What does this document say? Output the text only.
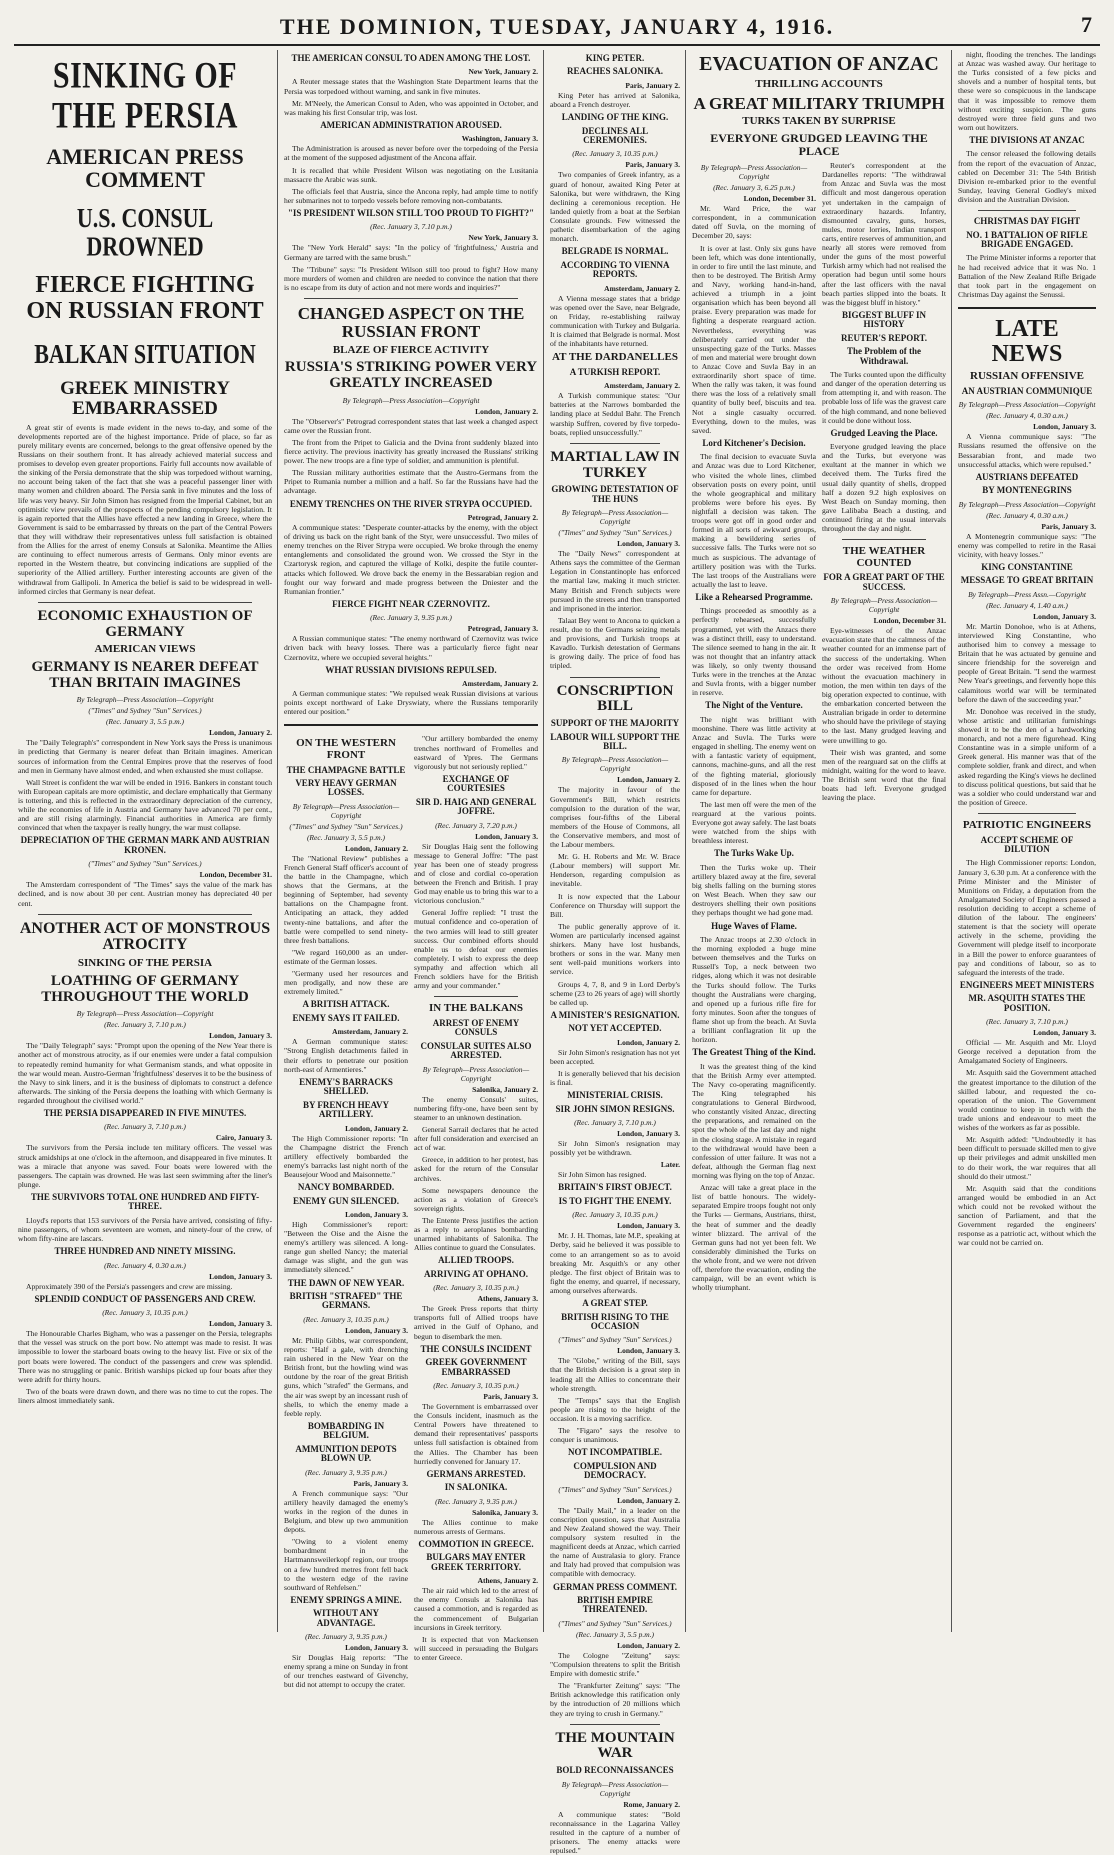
THE DOMINION, TUESDAY, JANUARY 4, 1916.	7
SINKING OF THE PERSIA
AMERICAN PRESS COMMENT
U.S. CONSUL DROWNED
FIERCE FIGHTING ON RUSSIAN FRONT
BALKAN SITUATION
GREEK MINISTRY EMBARRASSED

A great stir of events is made evident in the news to-day, and some of the developments reported are of the highest importance. Pride of place, so far as purely military events are concerned, belongs to the great offensive opened by the Russians on their southern front. It has already achieved material success and promises to develop even greater proportions. Fairly full accounts now available of the sinking of the Persia demonstrate that the ship was torpedoed without warning, no account being taken of the fact that she was a peaceful passenger liner with many women and children aboard. The Persia sank in five minutes and the loss of life was very heavy. Sir John Simon has resigned from the Imperial Cabinet, but an optimistic view prevails of the prospects of the pending compulsory legislation. It is again reported that the Allies have effected a new landing in Greece, where the Government is said to be embarrassed by threats on the part of the Central Powers that they will withdraw their representatives unless full satisfaction is obtained from the Allies for the arrest of enemy Consuls at Salonika. Meantime the Allies are continuing to effect numerous arrests of Germans. Only minor events are reported in the Western theatre, but convincing indications are supplied of the superiority of the Allied artillery. Further interesting accounts are given of the withdrawal from Gallipoli. In America the belief is said to be widespread in well-informed circles that Germany is near defeat.

ECONOMIC EXHAUSTION OF GERMANY
AMERICAN VIEWS
GERMANY IS NEARER DEFEAT THAN BRITAIN IMAGINES
By Telegraph—Press Association—Copyright
("Times" and Sydney "Sun" Services.)
(Rec. January 3, 5.5 p.m.)
London, January 2.

The "Daily Telegraph's" correspondent in New York says the Press is unanimous in predicting that Germany is nearer defeat than Britain imagines. American sources of information from the Central Empires prove that the reserves of food and men in Germany have almost ended, and when exhausted she must collapse.

Wall Street is confident the war will be ended in 1916. Bankers in constant touch with European capitals are more optimistic, and declare emphatically that Germany is tottering, and this is reflected in the extraordinary depreciation of the currency, while the economies of life in Austria and Germany have advanced 70 per cent., and are still rising alarmingly. Financial authorities in America are firmly convinced that when the taxpayer is really hungry, the war must collapse.

DEPRECIATION OF THE GERMAN MARK AND AUSTRIAN KRONEN.
("Times" and Sydney "Sun" Services.)
London, December 31.

The Amsterdam correspondent of "The Times" says the value of the mark has declined, and is now about 30 per cent. Austrian money has depreciated 40 per cent.

ANOTHER ACT OF MONSTROUS ATROCITY
SINKING OF THE PERSIA
LOATHING OF GERMANY THROUGHOUT THE WORLD
By Telegraph—Press Association—Copyright
(Rec. January 3, 7.10 p.m.)
London, January 3.

The "Daily Telegraph" says: "Prompt upon the opening of the New Year there is another act of monstrous atrocity, as if our enemies were under a fatal compulsion to repeatedly remind humanity for what Germanism stands, and what opposite in the war would mean. Austro-German 'frightfulness' deserves it to be the business of the Navy to sink liners, and it is the business of diplomats to construct a defence afterwards. The sinking of the Persia deepens the loathing with which Germany is regarded throughout the civilised world."

THE PERSIA DISAPPEARED IN FIVE MINUTES.
(Rec. January 3, 7.10 p.m.)
Cairo, January 3.

The survivors from the Persia include ten military officers. The vessel was struck amidships at one o'clock in the afternoon, and disappeared in five minutes. It was a miracle that anyone was saved. Four boats were lowered with the passengers. The captain was drowned. He was last seen swimming after the liner's plunge.

THE SURVIVORS TOTAL ONE HUNDRED AND FIFTY-THREE.

Lloyd's reports that 153 survivors of the Persia have arrived, consisting of fifty-nine passengers, of whom seventeen are women, and ninety-four of the crew, of whom fifty-nine are lascars.

THREE HUNDRED AND NINETY MISSING.
(Rec. January 4, 0.30 a.m.)
London, January 3.

Approximately 390 of the Persia's passengers and crew are missing.

SPLENDID CONDUCT OF PASSENGERS AND CREW.
(Rec. January 3, 10.35 p.m.)
London, January 3.

The Honourable Charles Bigham, who was a passenger on the Persia, telegraphs that the vessel was struck on the port bow. No attempt was made to resist. It was impossible to lower the starboard boats owing to the heavy list. Five or six of the port boats were lowered. The conduct of the passengers and crew was splendid. There was no struggling or panic. British warships picked up four boats after they were adrift for thirty hours.

Two of the boats were drawn down, and there was no time to cut the ropes. The liners almost immediately sank.

THE AMERICAN CONSUL TO ADEN AMONG THE LOST.
New York, January 2.

A Reuter message states that the Washington State Department learns that the Persia was torpedoed without warning, and sank in five minutes.

Mr. M'Neely, the American Consul to Aden, who was appointed in October, and was making his first Consular trip, was lost.

AMERICAN ADMINISTRATION AROUSED.
Washington, January 3.

The Administration is aroused as never before over the torpedoing of the Persia at the moment of the supposed adjustment of the Ancona affair.

It is recalled that while President Wilson was negotiating on the Lusitania massacre the Arabic was sunk.

The officials feel that Austria, since the Ancona reply, had ample time to notify her submarines not to torpedo vessels before removing non-combatants.

"IS PRESIDENT WILSON STILL TOO PROUD TO FIGHT?"
(Rec. January 3, 7.10 p.m.)
New York, January 3.

The "New York Herald" says: "In the policy of 'frightfulness,' Austria and Germany are tarred with the same brush."

The "Tribune" says: "Is President Wilson still too proud to fight? How many more murders of women and children are needed to convince the nation that there is no escape from its duty of action and not mere words and inquiries?"

CHANGED ASPECT ON THE RUSSIAN FRONT
BLAZE OF FIERCE ACTIVITY
RUSSIA'S STRIKING POWER VERY GREATLY INCREASED
By Telegraph—Press Association—Copyright
London, January 2.

The "Observer's" Petrograd correspondent states that last week a changed aspect came over the Russian front.

The front from the Pripet to Galicia and the Dvina front suddenly blazed into fierce activity. The previous inactivity has greatly increased the Russians' striking power. The new troops are a fine type of soldier, and ammunition is plentiful.

The Russian military authorities estimate that the Austro-Germans from the Pripet to Rumania number a million and a half. So far the Russians have had the advantage.

ENEMY TRENCHES ON THE RIVER STRYPA OCCUPIED.
Petrograd, January 2.

A communique states: "Desperate counter-attacks by the enemy, with the object of driving us back on the right bank of the Styr, were unsuccessful. Two miles of enemy trenches on the River Strypa were occupied. We broke through the enemy entanglements and consolidated the ground won. We crossed the Styr in the Czartorysk region, and captured the village of Kolki, despite the futile counter-attacks which followed. We drove back the enemy in the Bessarabian region and fought our way forward and made progress between the Dniester and the Rumanian frontier."

FIERCE FIGHT NEAR CZERNOVITZ.
(Rec. January 3, 9.35 p.m.)
Petrograd, January 3.

A Russian communique states: "The enemy northward of Czernovitz was twice driven back with heavy losses. There was a particularly fierce fight near Czernovitz, where we occupied several heights."

WHAT RUSSIAN DIVISIONS REPULSED.
Amsterdam, January 2.

A German communique states: "We repulsed weak Russian divisions at various points except northward of Lake Dryswiaty, where the Russians temporarily entered our position."

ON THE WESTERN FRONT
THE CHAMPAGNE BATTLE
VERY HEAVY GERMAN LOSSES.
By Telegraph—Press Association—Copyright
("Times" and Sydney "Sun" Services.)
(Rec. January 3, 5.5 p.m.)
London, January 2.

The "National Review" publishes a French General Staff officer's account of the battle in the Champagne, which shows that the Germans, at the beginning of September, had seventy battalions on the Champagne front. Anticipating an attack, they added twenty-nine battalions, and after the battle were compelled to send ninety-three fresh battalions.

"We regard 160,000 as an under-estimate of the German losses.

"Germany used her resources and men prodigally, and now these are extremely limited."

A BRITISH ATTACK.
ENEMY SAYS IT FAILED.
Amsterdam, January 2.

A German communique states: "Strong English detachments failed in their efforts to penetrate our position north-east of Armentieres."

ENEMY'S BARRACKS SHELLED.
BY FRENCH HEAVY ARTILLERY.
London, January 2.

The High Commissioner reports: "In the Champagne district the French artillery effectively bombarded the enemy's barracks last night north of the Beausejour Wood and Maisonnette."

NANCY BOMBARDED.
ENEMY GUN SILENCED.
London, January 3.

High Commissioner's report: "Between the Oise and the Aisne the enemy's artillery was silenced. A long-range gun shelled Nancy; the material damage was slight, and the gun was immediately silenced."

THE DAWN OF NEW YEAR.
BRITISH "STRAFED" THE GERMANS.
(Rec. January 3, 10.35 p.m.)
London, January 3.

Mr. Philip Gibbs, war correspondent, reports: "Half a gale, with drenching rain ushered in the New Year on the British front, but the howling wind was outdone by the roar of the great British guns, which "strafed" the Germans, and the air was swept by an incessant rush of shells, to which the enemy made a feeble reply.

BOMBARDING IN BELGIUM.
AMMUNITION DEPOTS BLOWN UP.
(Rec. January 3, 9.35 p.m.)
Paris, January 3.

A French communique says: "Our artillery heavily damaged the enemy's works in the region of the dunes in Belgium, and blew up two ammunition depots.

"Owing to a violent enemy bombardment in the Hartmannsweilerkopf region, our troops on a few hundred metres front fell back to the western edge of the ravine southward of Rehfelsen."

ENEMY SPRINGS A MINE.
WITHOUT ANY ADVANTAGE.
(Rec. January 3, 9.35 p.m.)
London, January 3.

Sir Douglas Haig reports: "The enemy sprang a mine on Sunday in front of our trenches eastward of Givenchy, but did not attempt to occupy the crater.

"Our artillery bombarded the enemy trenches northward of Fromelles and eastward of Ypres. The Germans vigorously but not seriously replied."

EXCHANGE OF COURTESIES
SIR D. HAIG AND GENERAL JOFFRE.
(Rec. January 3, 7.20 p.m.)
London, January 3.

Sir Douglas Haig sent the following message to General Joffre: "The past year has been one of steady progress and of close and cordial co-operation between the French and British. I pray God may enable us to bring this war to a victorious conclusion."

General Joffre replied: "I trust the mutual confidence and co-operation of the two armies will lead to still greater success. Our combined efforts should enable us to defeat our enemies completely. I wish to express the deep sympathy and affection which all French soldiers have for the British army and your commander."

IN THE BALKANS
ARREST OF ENEMY CONSULS
CONSULAR SUITES ALSO ARRESTED.
By Telegraph—Press Association—Copyright
Salonika, January 2.

The enemy Consuls' suites, numbering fifty-one, have been sent by steamer to an unknown destination.

General Sarrail declares that he acted after full consideration and exercised an act of war.

Greece, in addition to her protest, has asked for the return of the Consular archives.

Some newspapers denounce the action as a violation of Greece's sovereign rights.

The Entente Press justifies the action as a reply to aeroplanes bombarding unarmed inhabitants of Salonika. The Allies continue to guard the Consulates.

ALLIED TROOPS.
ARRIVING AT OPHANO.
(Rec. January 3, 10.35 p.m.)
Athens, January 3.

The Greek Press reports that thirty transports full of Allied troops have arrived in the Gulf of Ophano, and begun to disembark the men.

THE CONSULS INCIDENT
GREEK GOVERNMENT EMBARRASSED
(Rec. January 3, 10.35 p.m.)
Paris, January 3.

The Government is embarrassed over the Consuls incident, inasmuch as the Central Powers have threatened to demand their representatives' passports unless full satisfaction is obtained from the Allies. The Chamber has been hurriedly convened for January 17.

GERMANS ARRESTED.
IN SALONIKA.
(Rec. January 3, 9.35 p.m.)
Salonika, January 3.

The Allies continue to make numerous arrests of Germans.

COMMOTION IN GREECE.
BULGARS MAY ENTER GREEK TERRITORY.
Athens, January 2.

The air raid which led to the arrest of the enemy Consuls at Salonika has caused a commotion, and is regarded as the commencement of Bulgarian incursions in Greek territory.

It is expected that von Mackensen will succeed in persuading the Bulgars to enter Greece.

KING PETER.
REACHES SALONIKA.
Paris, January 2.

King Peter has arrived at Salonika, aboard a French destroyer.

LANDING OF THE KING.
DECLINES ALL CEREMONIES.
(Rec. January 3, 10.35 p.m.)
Paris, January 3.

Two companies of Greek infantry, as a guard of honour, awaited King Peter at Salonika, but were withdrawn, the King declining a ceremonious reception. He landed quietly from a boat at the Serbian Consulate grounds. Few witnessed the pathetic disembarkation of the aging monarch.

BELGRADE IS NORMAL.
ACCORDING TO VIENNA REPORTS.
Amsterdam, January 2.

A Vienna message states that a bridge was opened over the Save, near Belgrade, on Friday, re-establishing railway communication with Turkey and Bulgaria. It is claimed that Belgrade is normal. Most of the inhabitants have returned.

AT THE DARDANELLES
A TURKISH REPORT.
Amsterdam, January 2.

A Turkish communique states: "Our batteries at the Narrows bombarded the landing place at Seddul Bahr. The French warship Suffren, covered by five torpedo-boats, replied unsuccessfully."

MARTIAL LAW IN TURKEY
GROWING DETESTATION OF THE HUNS
By Telegraph—Press Association—Copyright
("Times" and Sydney "Sun" Services.)
London, January 3.

The "Daily News" correspondent at Athens says the committee of the German Legation in Constantinople has enforced the martial law, making it much stricter. Many British and French subjects were pursued in the streets and then transported and imprisoned in the interior.

Talaat Bey went to Ancona to quicken a result, due to the Germans seizing metals and provisions, and Turkish troops at Kavadlo. Turkish detestation of Germans is growing daily. The price of food has tripled.

CONSCRIPTION BILL
SUPPORT OF THE MAJORITY
LABOUR WILL SUPPORT THE BILL.
By Telegraph—Press Association—Copyright
London, January 2.

The majority in favour of the Government's Bill, which restricts compulsion to the duration of the war, comprises four-fifths of the Liberal members of the House of Commons, all the Conservative members, and most of the Labour members.

Mr. G. H. Roberts and Mr. W. Brace (Labour members) will support Mr. Henderson, regarding compulsion as inevitable.

It is now expected that the Labour Conference on Thursday will support the Bill.

The public generally approve of it. Women are particularly incensed against shirkers. Many have lost husbands, brothers or sons in the war. Many men sent well-paid munitions workers into service.

Groups 4, 7, 8, and 9 in Lord Derby's scheme (23 to 26 years of age) will shortly be called up.

A MINISTER'S RESIGNATION.
NOT YET ACCEPTED.
London, January 2.

Sir John Simon's resignation has not yet been accepted.

It is generally believed that his decision is final.

MINISTERIAL CRISIS.
SIR JOHN SIMON RESIGNS.
(Rec. January 3, 7.10 p.m.)
London, January 3.

Sir John Simon's resignation may possibly yet be withdrawn.

Later.

Sir John Simon has resigned.

BRITAIN'S FIRST OBJECT.
IS TO FIGHT THE ENEMY.
(Rec. January 3, 10.35 p.m.)
London, January 3.

Mr. J. H. Thomas, late M.P., speaking at Derby, said he believed it was possible to come to an arrangement so as to avoid breaking Mr. Asquith's or any other pledge. The first object of Britain was to fight the enemy, and quarrel, if necessary, among ourselves afterwards.

A GREAT STEP.
BRITISH RISING TO THE OCCASION
("Times" and Sydney "Sun" Services.)
London, January 3.

The "Globe," writing of the Bill, says that the British decision is a great step in leading all the Allies to concentrate their whole strength.

The "Temps" says that the English people are rising to the height of the occasion. It is a moving sacrifice.

The "Figaro" says the resolve to conquer is unanimous.

NOT INCOMPATIBLE.
COMPULSION AND DEMOCRACY.
("Times" and Sydney "Sun" Services.)
London, January 2.

The "Daily Mail," in a leader on the conscription question, says that Australia and New Zealand showed the way. Their compulsory system resulted in the magnificent deeds at Anzac, which carried the name of Australasia to glory. France and Italy had proved that compulsion was compatible with democracy.

GERMAN PRESS COMMENT.
BRITISH EMPIRE THREATENED.
("Times" and Sydney "Sun" Services.)
(Rec. January 3, 5.5 p.m.)
London, January 2.

The Cologne "Zeitung" says: "Compulsion threatens to split the British Empire with domestic strife."

The "Frankfurter Zeitung" says: "The British acknowledge this ratification only by the introduction of 20 millions which they are trying to crush in Germany."

THE MOUNTAIN WAR
BOLD RECONNAISSANCES
By Telegraph—Press Association—Copyright
Rome, January 2.

A communique states: "Bold reconnaissance in the Lagarina Valley resulted in the capture of a number of prisoners. The enemy attacks were repulsed."

EVACUATION OF ANZAC
THRILLING ACCOUNTS
A GREAT MILITARY TRIUMPH
TURKS TAKEN BY SURPRISE
EVERYONE GRUDGED LEAVING THE PLACE
By Telegraph—Press Association—Copyright
(Rec. January 3, 6.25 p.m.)
London, December 31.

Mr. Ward Price, the war correspondent, in a communication dated off Suvla, on the morning of December 20, says:

It is over at last. Only six guns have been left, which was done intentionally, in order to fire until the last minute, and then to be destroyed. The British Army and Navy, working hand-in-hand, achieved a triumph in a joint organisation which has been beyond all praise. Every preparation was made for fighting a desperate rearguard action. Nevertheless, everything was deliberately carried out under the unsuspecting gaze of the Turks. Masses of men and material were brought down to Anzac Cove and Suvla Bay in an extraordinarily short space of time. When the rally was taken, it was found there was the loss of a relatively small quantity of bully beef, biscuits and tea. Not a single casualty occurred. Everything, down to the mules, was saved.

Lord Kitchener's Decision.

The final decision to evacuate Suvla and Anzac was due to Lord Kitchener, who visited the whole lines, climbed observation posts on every point, until the whole geographical and military problems were before his eyes. By nightfall a decision was taken. The troops were got off in good order and formed in all sorts of awkward groups, making a bewildering series of successive falls. The Turks were not so much as suspicious. The advantage of artillery position was with the Turks. The last troops of the Australians were actually the last to leave.

Like a Rehearsed Programme.

Things proceeded as smoothly as a perfectly rehearsed, successfully programmed, yet with the Anzacs there was a distinct thrill, easy to understand. The silence seemed to hang in the air. It was not thought that an infantry attack was likely, so only twenty thousand Turks were in the trenches at the Anzac and Suvla fronts, with a bigger number in reserve.

The Night of the Venture.

The night was brilliant with moonshine. There was little activity at Anzac and Suvla. The Turks were engaged in shelling. The enemy went on with a fantastic variety of equipment, cannons, machine-guns, and all the rest of the fighting material, gloriously disposed of in the lines when the hour came for departure.

The last men off were the men of the rearguard at the various points. Everyone got away safely. The last boats were watched from the ships with breathless interest.

The Turks Wake Up.

Then the Turks woke up. Their artillery blazed away at the fire, several big shells falling on the burning stores on West Beach. When they saw our destroyers shelling their own positions they perhaps thought we had gone mad.

Huge Waves of Flame.

The Anzac troops at 2.30 o'clock in the morning exploded a huge mine between themselves and the Turks on Russell's Top, a neck between two ridges, along which it was not desirable the Turks should follow. The Turks thought the Australians were charging, and opened up a furious rifle fire for forty minutes. Soon after the tongues of flame shot up from the beach. At Suvla a brilliant conflagration lit up the horizon.

The Greatest Thing of the Kind.

It was the greatest thing of the kind that the British Army ever attempted. The Navy co-operating magnificently. The King telegraphed his congratulations to General Birdwood, who constantly visited Anzac, directing the preparations, and remained on the spot the whole of the last day and night in the closing stage. A mistake in regard to the withdrawal would have been a confession of utter failure. It was not a defeat, although the German flag next morning was flying on the top of Anzac.

Anzac will take a great place in the list of battle honours. The widely-separated Empire troops fought not only the Turks — Germans, Austrians, thirst, the heat of summer and the deadly winter blizzard. The arrival of the German guns had not yet been felt. We considerably diminished the Turks on the whole front, and we were not driven off, therefore the evacuation, ending the campaign, will be an event which is wholly triumphant.

Reuter's correspondent at the Dardanelles reports: "The withdrawal from Anzac and Suvla was the most difficult and most dangerous operation yet undertaken in the campaign of extraordinary hazards. Infantry, dismounted cavalry, guns, horses, mules, motor lorries, Indian transport carts, entire reserves of ammunition, and nearly all stores were removed from under the guns of the most powerful Turkish army which had not realised the operation had begun until some hours after the last officers with the naval beach parties slipped into the boats. It was the biggest bluff in history."

BIGGEST BLUFF IN HISTORY
REUTER'S REPORT.
The Problem of the Withdrawal.

The Turks counted upon the difficulty and danger of the operation deterring us from attempting it, and with reason. The probable loss of life was the gravest care of the high command, and none believed it could be done without loss.

Grudged Leaving the Place.

Everyone grudged leaving the place and the Turks, but everyone was exultant at the manner in which we deceived them. The Turks fired the usual daily quantity of shells, dropped half a dozen 9.2 high explosives on West Beach on Sunday morning, then gave Lalibaba Beach a dusting, and continued firing at the usual intervals throughout the day and night.

THE WEATHER COUNTED
FOR A GREAT PART OF THE SUCCESS.
By Telegraph—Press Association—Copyright
London, December 31.

Eye-witnesses of the Anzac evacuation state that the calmness of the weather counted for an immense part of the success of the undertaking. When the order was received from Home without the evacuation machinery in motion, the men within ten days of the big operation expected to continue, with the embarkation concerted between the Australian brigade in order to determine who should have the privilege of staying to the last. Many grudged leaving and were unwilling to go.

Their wish was granted, and some men of the rearguard sat on the cliffs at midnight, waiting for the word to leave. The British sent word that the final boats had left. Everyone grudged leaving the place.

night, flooding the trenches. The landings at Anzac was washed away. Our heritage to the Turks consisted of a few picks and shovels and a number of hospital tents, but these were so conspicuous in the landscape that it was impossible to remove them without exciting suspicion. The guns destroyed were three field guns and two worn out howitzers.

THE DIVISIONS AT ANZAC

The censor released the following details from the report of the evacuation of Anzac, cabled on December 31: The 54th British Division re-embarked prior to the eventful Sunday, leaving General Godley's mixed division and the Australian Division.

CHRISTMAS DAY FIGHT
NO. 1 BATTALION OF RIFLE BRIGADE ENGAGED.

The Prime Minister informs a reporter that he had received advice that it was No. 1 Battalion of the New Zealand Rifle Brigade that took part in the engagement on Christmas Day against the Senussi.

LATE NEWS
RUSSIAN OFFENSIVE
AN AUSTRIAN COMMUNIQUE
By Telegraph—Press Association—Copyright
(Rec. January 4, 0.30 a.m.)
London, January 3.

A Vienna communique says: "The Russians resumed the offensive on the Bessarabian front, and made two unsuccessful attacks, which were repulsed."

AUSTRIANS DEFEATED
BY MONTENEGRINS
By Telegraph—Press Association—Copyright
(Rec. January 4, 0.30 a.m.)
Paris, January 3.

A Montenegrin communique says: "The enemy was compelled to retire in the Rasai vicinity, with heavy losses."

KING CONSTANTINE
MESSAGE TO GREAT BRITAIN
By Telegraph—Press Assn.—Copyright
(Rec. January 4, 1.40 a.m.)
London, January 3.

Mr. Martin Donohoe, who is at Athens, interviewed King Constantine, who authorised him to convey a message to Britain that he was actuated by genuine and sincere friendship for the sovereign and people of Great Britain. "I send the warmest New Year's greetings, and fervently hope this calamitous world war will be terminated before the dawn of the succeeding year."

Mr. Donohoe was received in the study, whose artistic and utilitarian furnishings showed it to be the den of a hardworking monarch, and not a mere figurehead. King Constantine was in a simple uniform of a Greek general. His manner was that of the complete soldier, frank and direct, and when asked regarding the King's views he declined to discuss political questions, but said that he was a soldier who could understand war and the position of Greece.

PATRIOTIC ENGINEERS
ACCEPT SCHEME OF DILUTION

The High Commissioner reports: London, January 3, 6.30 p.m. At a conference with the Prime Minister and the Minister of Munitions on Friday, a deputation from the Amalgamated Society of Engineers passed a resolution deciding to accept a scheme of dilution of the labour. The engineers' statement is that the society will operate actively in the scheme, providing the Government will pledge itself to incorporate in a Bill the power to enforce guarantees of pay and conditions of labour, so as to safeguard the interests of the trade.

ENGINEERS MEET MINISTERS
MR. ASQUITH STATES THE POSITION.
(Rec. January 3, 7.10 p.m.)
London, January 3.

Official — Mr. Asquith and Mr. Lloyd George received a deputation from the Amalgamated Society of Engineers.

Mr. Asquith said the Government attached the greatest importance to the dilution of the skilled labour, and requested the co-operation of the union. The Government would continue to keep in touch with the trade unions and endeavour to meet the wishes of the workers as far as possible.

Mr. Asquith added: "Undoubtedly it has been difficult to persuade skilled men to give up their privileges and admit unskilled men to do their work, the war requires that all should do their utmost."

Mr. Asquith said that the conditions arranged would be embodied in an Act which could not be revoked without the sanction of Parliament, and that the Government regarded the engineers' response as a patriotic act, without which the war could not be carried on.
